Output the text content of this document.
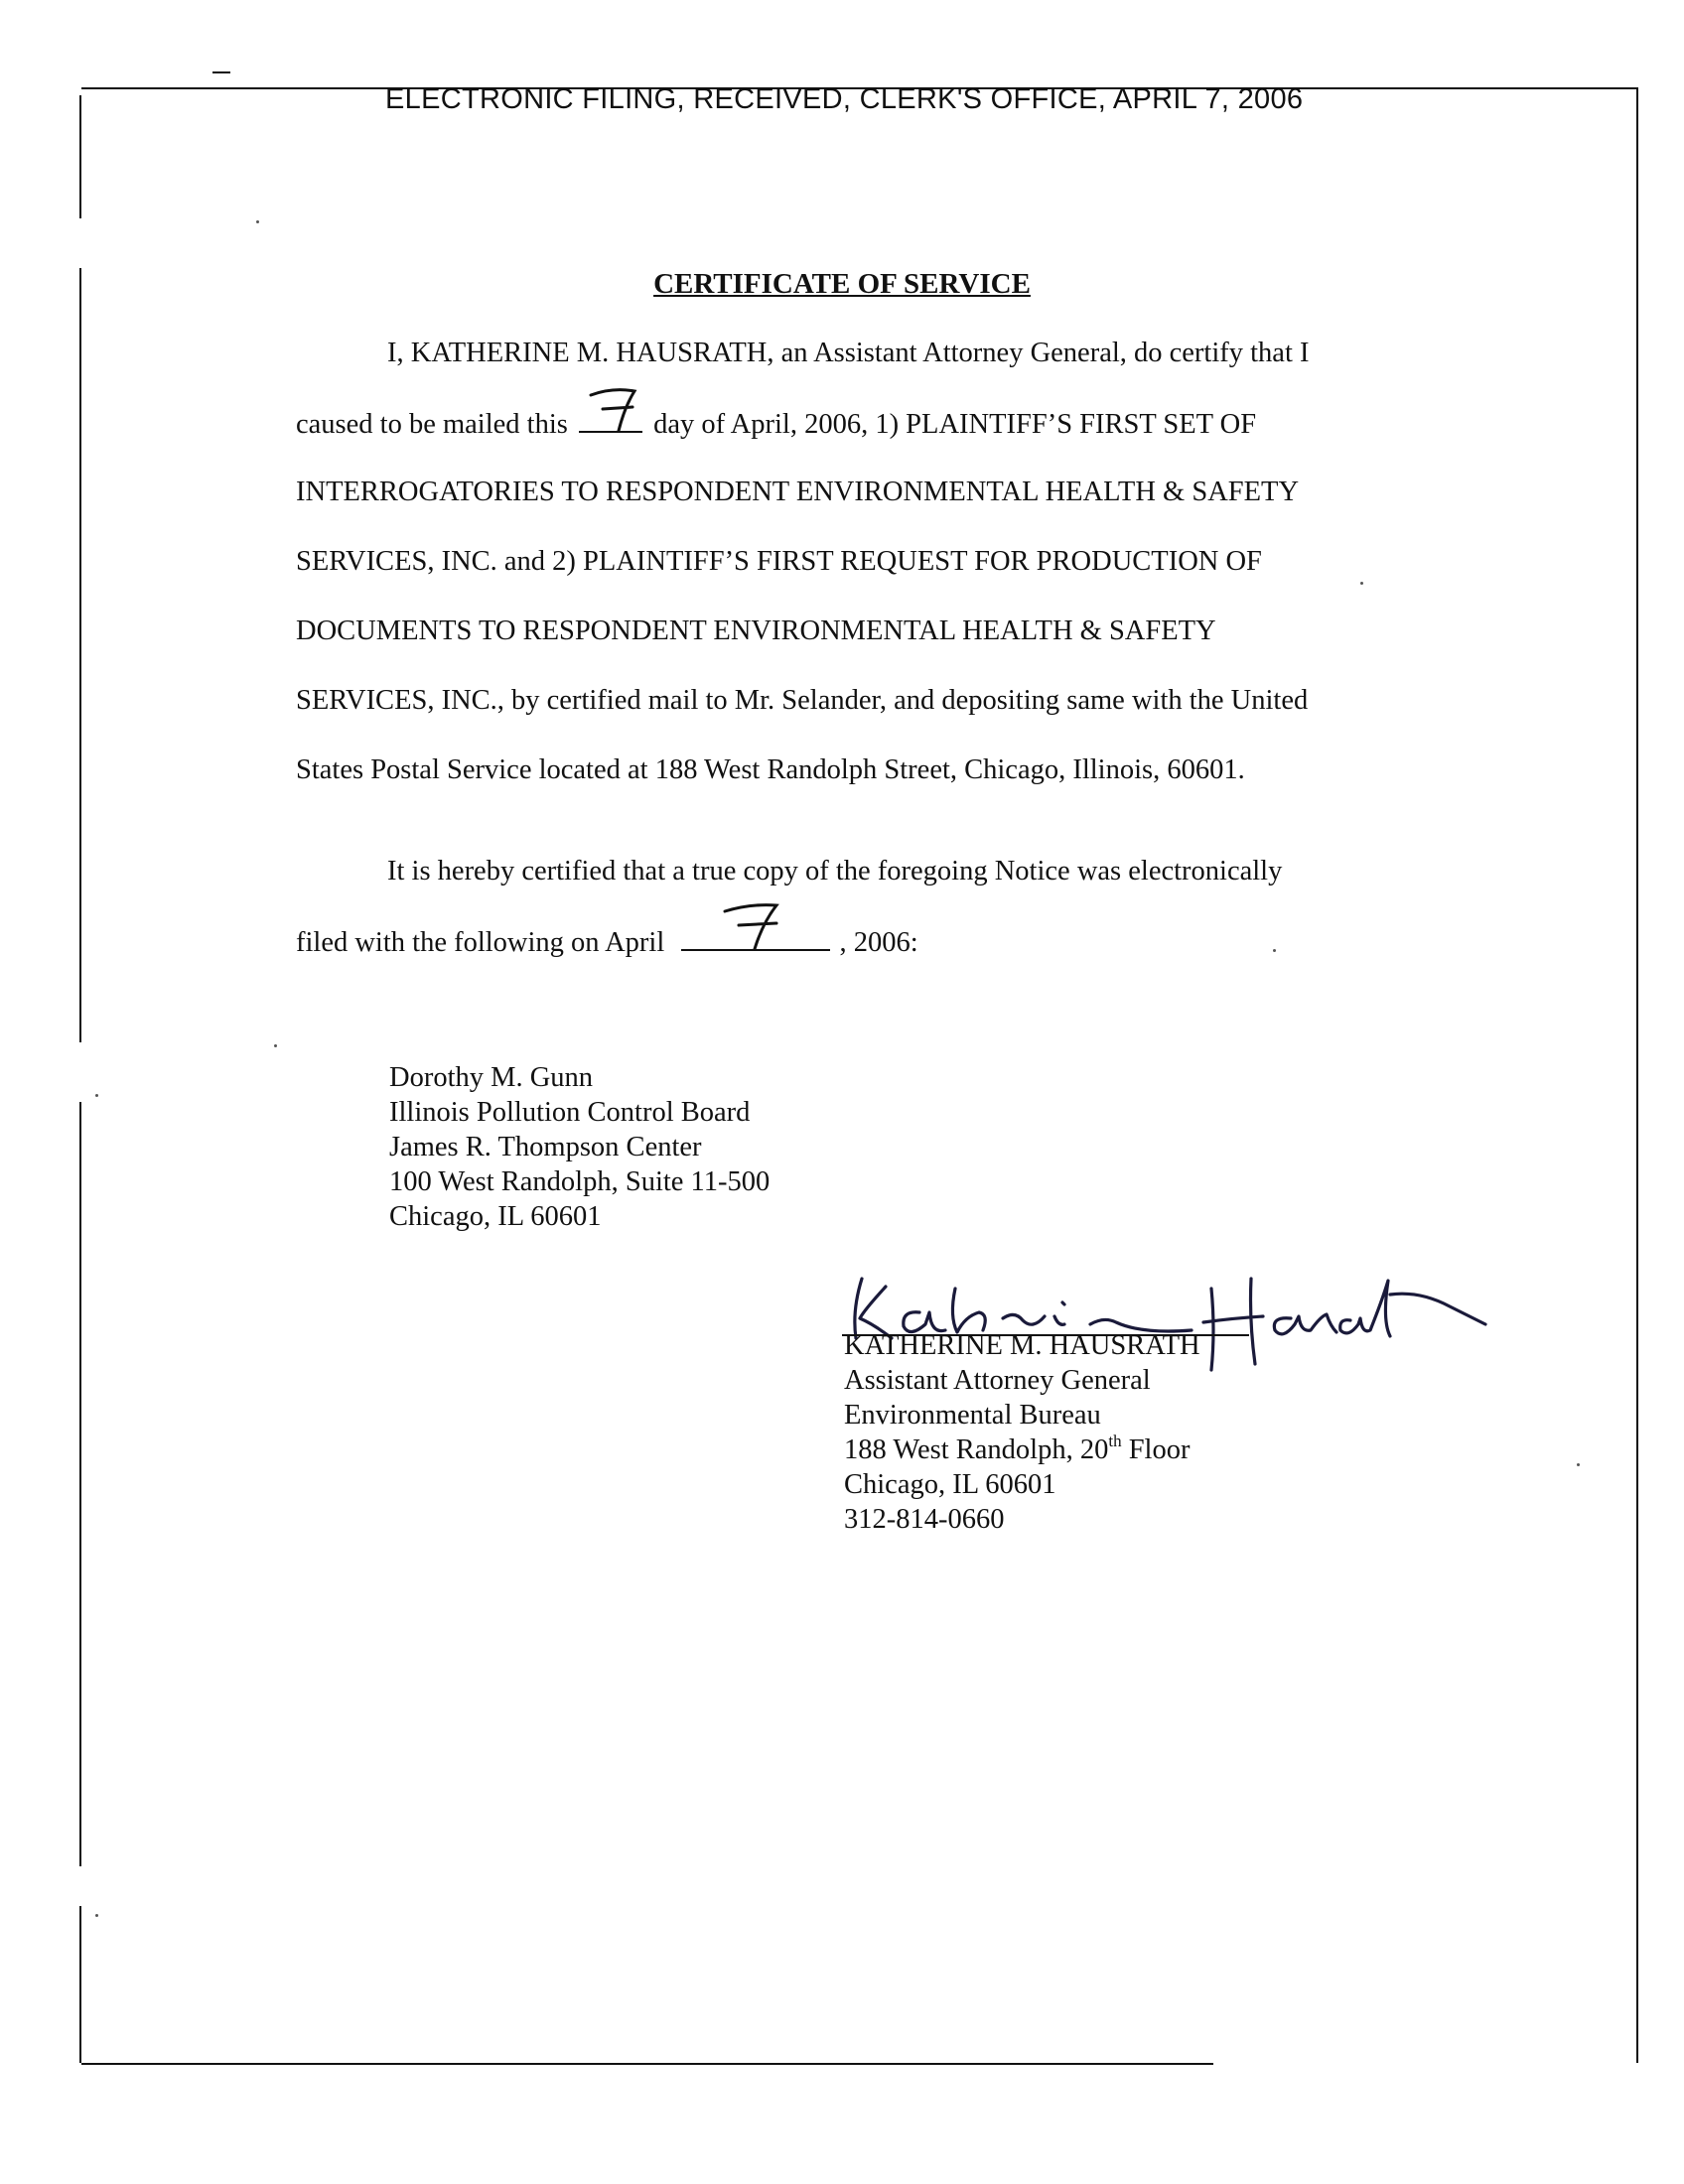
ELECTRONIC FILING, RECEIVED, CLERK'S OFFICE, APRIL 7, 2006
CERTIFICATE OF SERVICE
I, KATHERINE M. HAUSRATH, an Assistant Attorney General, do certify that I
caused to be mailed this	day of April, 2006, 1) PLAINTIFF’S FIRST SET OF
INTERROGATORIES TO RESPONDENT ENVIRONMENTAL HEALTH & SAFETY
SERVICES, INC. and 2) PLAINTIFF’S FIRST REQUEST FOR PRODUCTION OF
DOCUMENTS TO RESPONDENT ENVIRONMENTAL HEALTH & SAFETY
SERVICES, INC., by certified mail to Mr. Selander, and depositing same with the United
States Postal Service located at 188 West Randolph Street, Chicago, Illinois, 60601.
It is hereby certified that a true copy of the foregoing Notice was electronically
filed with the following on April	, 2006:
Dorothy M. Gunn
Illinois Pollution Control Board
James R. Thompson Center
100 West Randolph, Suite 11-500
Chicago, IL 60601
KATHERINE M. HAUSRATH
Assistant Attorney General
Environmental Bureau
188 West Randolph, 20th Floor
Chicago, IL 60601
312-814-0660
